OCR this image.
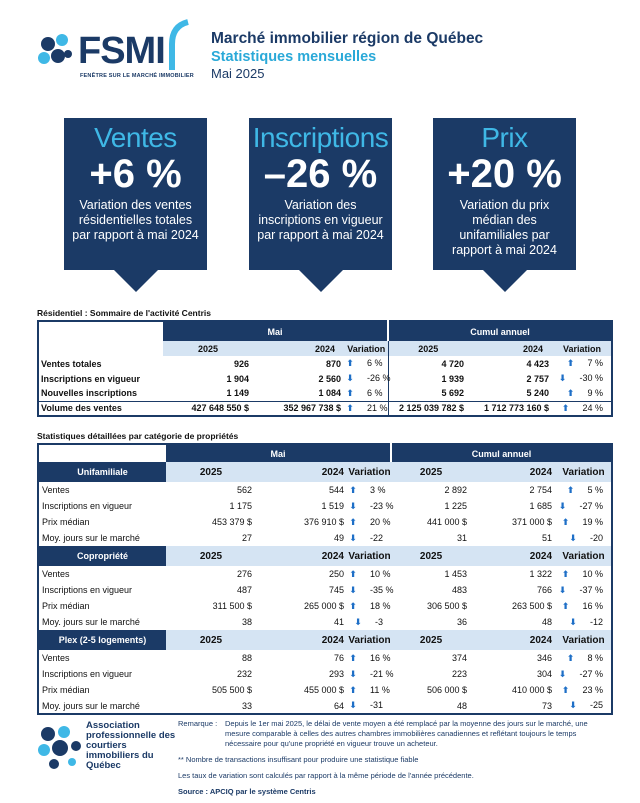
FSMI
FENÊTRE SUR LE MARCHÉ IMMOBILIER
Marché immobilier région de Québec
Statistiques mensuelles
Mai 2025
Ventes
+6 %
Variation des ventes résidentielles totales par rapport à mai 2024
Inscriptions
–26 %
Variation des inscriptions en vigueur par rapport à mai 2024
Prix
+20 %
Variation du prix médian des unifamiliales par rapport à mai 2024
Résidentiel : Sommaire de l'activité Centris
	Mai			Cumul annuel		
	2025	2024	Variation	2025	2024	Variation
Ventes totales	926	870	⬆ 6 %	4 720	4 423	⬆ 7 %
Inscriptions en vigueur	1 904	2 560	⬇ -26 %	1 939	2 757	⬇ -30 %
Nouvelles inscriptions	1 149	1 084	⬆ 6 %	5 692	5 240	⬆ 9 %
Volume des ventes	427 648 550 $	352 967 738 $	⬆ 21 %	2 125 039 782 $	1 712 773 160 $	⬆ 24 %
Statistiques détaillées par catégorie de propriétés
	Mai			Cumul annuel		
Unifamiliale	2025	2024	Variation	2025	2024	Variation
Ventes	562	544	⬆ 3 %	2 892	2 754	⬆ 5 %
Inscriptions en vigueur	1 175	1 519	⬇ -23 %	1 225	1 685	⬇ -27 %
Prix médian	453 379 $	376 910 $	⬆ 20 %	441 000 $	371 000 $	⬆ 19 %
Moy. jours sur le marché	27	49	⬇ -22	31	51	⬇ -20
Copropriété	2025	2024	Variation	2025	2024	Variation
Ventes	276	250	⬆ 10 %	1 453	1 322	⬆ 10 %
Inscriptions en vigueur	487	745	⬇ -35 %	483	766	⬇ -37 %
Prix médian	311 500 $	265 000 $	⬆ 18 %	306 500 $	263 500 $	⬆ 16 %
Moy. jours sur le marché	38	41	⬇ -3	36	48	⬇ -12
Plex (2-5 logements)	2025	2024	Variation	2025	2024	Variation
Ventes	88	76	⬆ 16 %	374	346	⬆ 8 %
Inscriptions en vigueur	232	293	⬇ -21 %	223	304	⬇ -27 %
Prix médian	505 500 $	455 000 $	⬆ 11 %	506 000 $	410 000 $	⬆ 23 %
Moy. jours sur le marché	33	64	⬇ -31	48	73	⬇ -25
Association professionnelle des courtiers immobiliers du Québec

Remarque :	Depuis le 1er mai 2025, le délai de vente moyen a été remplacé par la moyenne des jours sur le marché, une mesure comparable à celles des autres chambres immobilières canadiennes et reflétant toujours le temps nécessaire pour qu'une propriété en vigueur trouve un acheteur.

** Nombre de transactions insuffisant pour produire une statistique fiable

Les taux de variation sont calculés par rapport à la même période de l'année précédente.

Source : APCIQ par le système Centris
